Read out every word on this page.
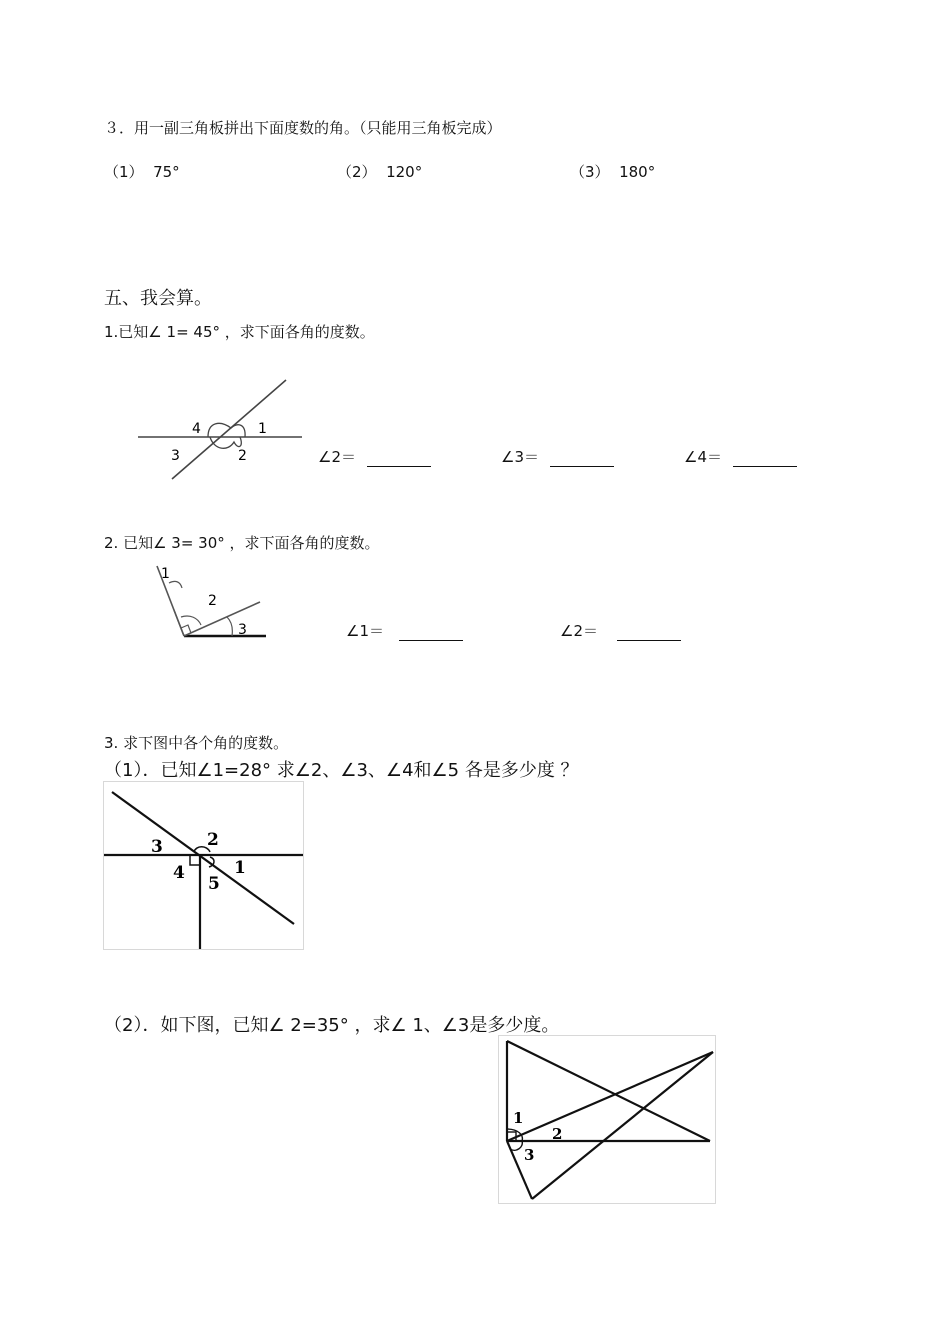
３．用一副三角板拼出下面度数的角。（只能用三角板完成）
（1） 75°	（2） 120°	（3） 180°
五、我会算。
1.已知∠ 1= 45° ，求下面各角的度数。
1
2
3
4
∠2＝	∠3＝	∠4＝
2. 已知∠ 3= 30° ，求下面各角的度数。
1
2
3	∠1＝	∠2＝
3. 求下图中各个角的度数。
（1）．已知∠1=28° 求∠2、∠3、∠4和∠5 各是多少度 ？
1
2
3
4
5
（2）．如下图，已知∠ 2=35° ，求∠ 1、∠3是多少度。
1
2
3
